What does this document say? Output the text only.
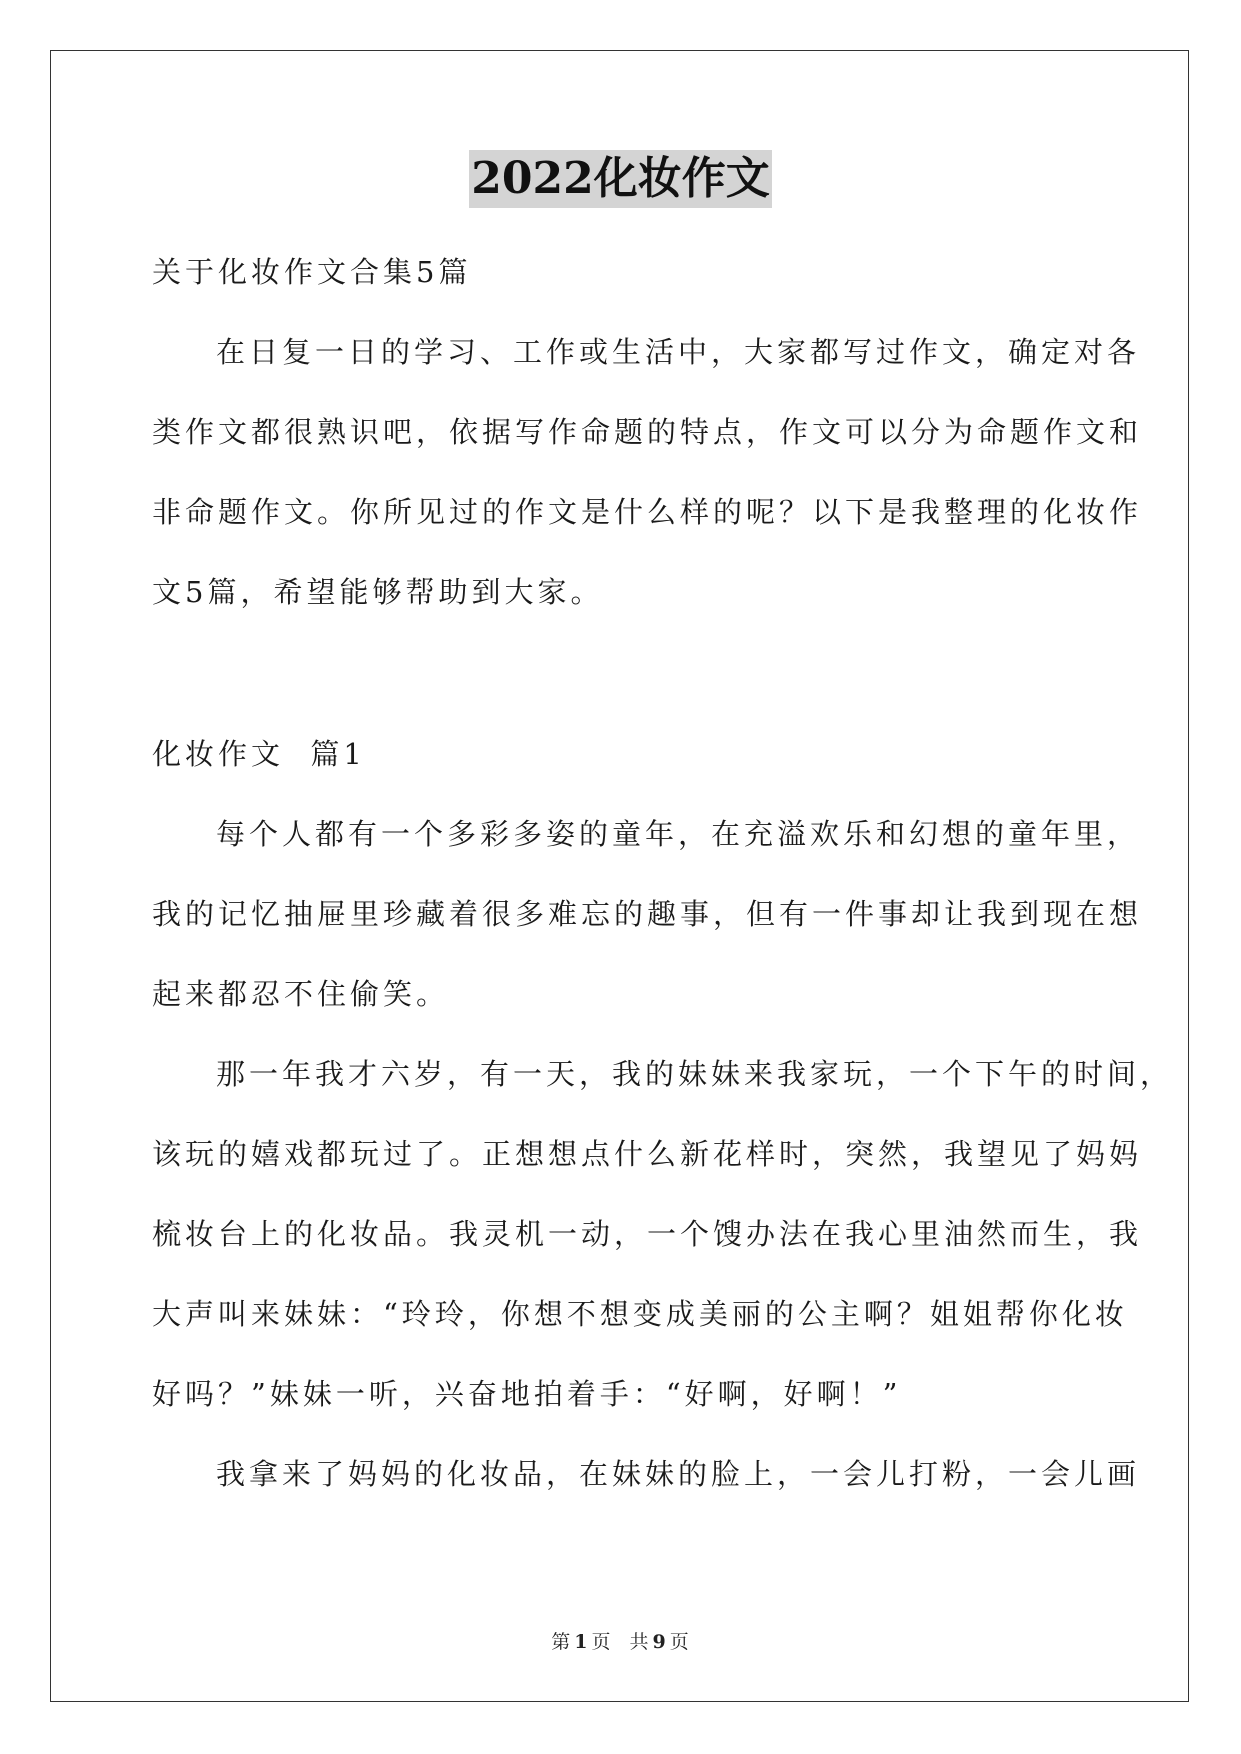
2022化妆作文
关于化妆作文合集5篇
在日复一日的学习、工作或生活中，大家都写过作文，确定对各
类作文都很熟识吧，依据写作命题的特点，作文可以分为命题作文和
非命题作文。你所见过的作文是什么样的呢？以下是我整理的化妆作
文5篇，希望能够帮助到大家。
化妆作文  篇1
每个人都有一个多彩多姿的童年，在充溢欢乐和幻想的童年里，
我的记忆抽屉里珍藏着很多难忘的趣事，但有一件事却让我到现在想
起来都忍不住偷笑。
那一年我才六岁，有一天，我的妹妹来我家玩，一个下午的时间，
该玩的嬉戏都玩过了。正想想点什么新花样时，突然，我望见了妈妈
梳妆台上的化妆品。我灵机一动，一个馊办法在我心里油然而生，我
大声叫来妹妹：“玲玲，你想不想变成美丽的公主啊？姐姐帮你化妆
好吗？”妹妹一听，兴奋地拍着手：“好啊，好啊！”
我拿来了妈妈的化妆品，在妹妹的脸上，一会儿打粉，一会儿画
第 1 页 共 9 页
